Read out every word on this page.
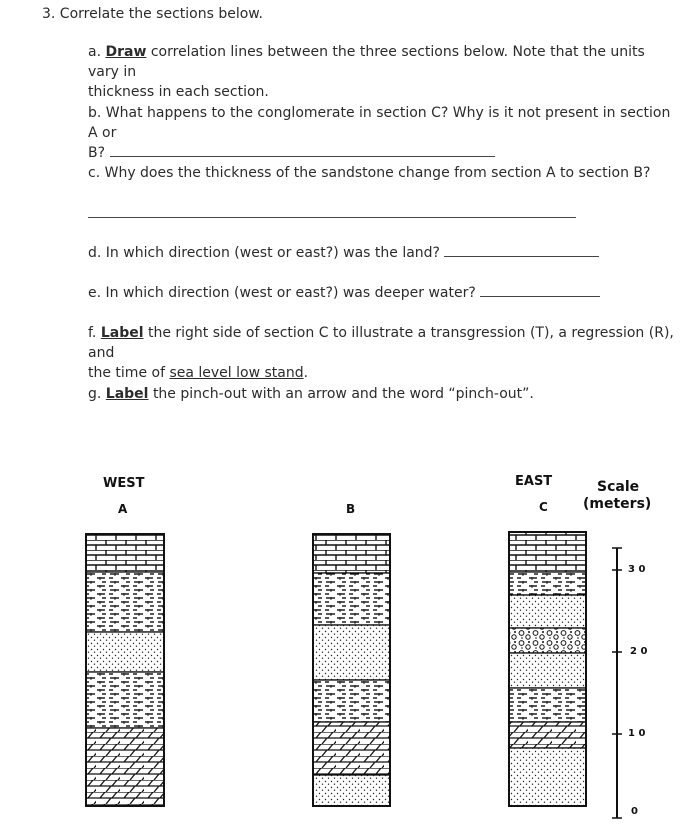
3. Correlate the sections below.
a. Draw correlation lines between the three sections below. Note that the units vary in
thickness in each section.
b. What happens to the conglomerate in section C? Why is it not present in section A or
B?
c. Why does the thickness of the sandstone change from section A to section B?
d. In which direction (west or east?) was the land?
e. In which direction (west or east?) was deeper water?
f. Label the right side of section C to illustrate a transgression (T), a regression (R), and
the time of sea level low stand.
g. Label the pinch-out with an arrow and the word “pinch-out”.
WEST
A	B
EAST
C
Scale
(meters)
3 0
2 0
1 0
0
